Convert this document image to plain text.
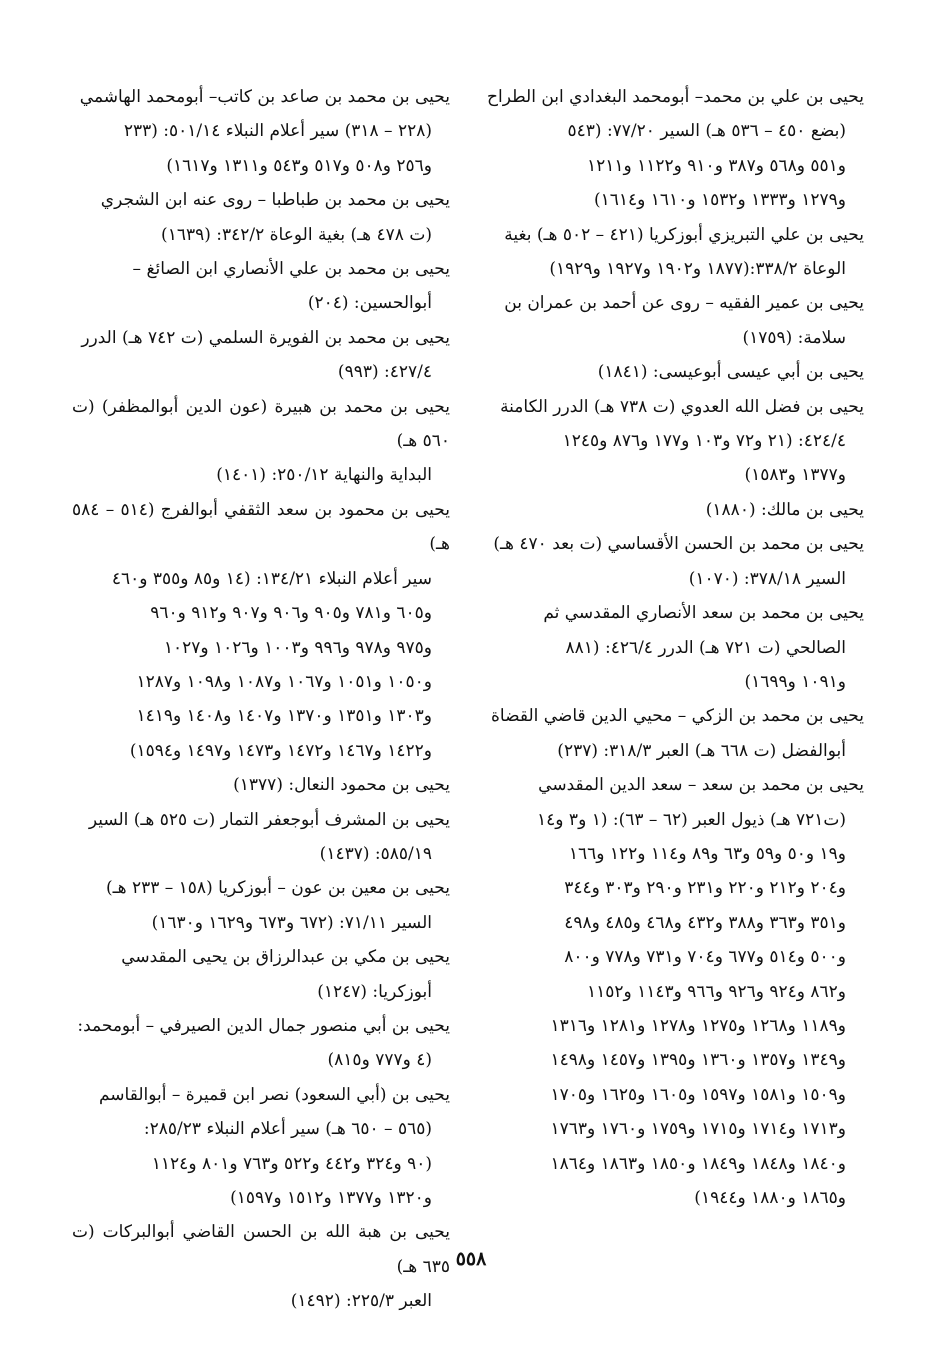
يحيى بن علي بن محمد– أبومحمد البغدادي ابن الطراح
(بضع ٤٥٠ – ٥٣٦ هـ) السير ٧٧/٢٠: (٥٤٣
و٥٥١ و٥٦٨ و٣٨٧ و٩١٠ و١١٢٢ و١٢١١
و١٢٧٩ و١٣٣٣ و١٥٣٢ و١٦١٠ و١٦١٤)
يحيى بن علي التبريزي أبوزكريا (٤٢١ – ٥٠٢ هـ) بغية
الوعاة ٣٣٨/٢:(١٨٧٧ و١٩٠٢ و١٩٢٧ و١٩٢٩)
يحيى بن عمير الفقيه – روى عن أحمد بن عمران بن
سلامة: (١٧٥٩)
يحيى بن أبي عيسى أبوعيسى: (١٨٤١)
يحيى بن فضل الله العدوي (ت ٧٣٨ هـ) الدرر الكامنة
٤٢٤/٤: (٢١ و٧٢ و١٠٣ و١٧٧ و٨٧٦ و١٢٤٥
و١٣٧٧ و١٥٨٣)
يحيى بن مالك: (١٨٨٠)
يحيى بن محمد بن الحسن الأقساسي (ت بعد ٤٧٠ هـ)
السير ٣٧٨/١٨: (١٠٧٠)
يحيى بن محمد بن سعد الأنصاري المقدسي ثم
الصالحي (ت ٧٢١ هـ) الدرر ٤٢٦/٤: (٨٨١
و١٠٩١ و١٦٩٩)
يحيى بن محمد بن الزكي – محيي الدين قاضي القضاة
أبوالفضل (ت ٦٦٨ هـ) العبر ٣١٨/٣: (٢٣٧)
يحيى بن محمد بن سعد – سعد الدين المقدسي
(ت٧٢١ هـ) ذيول العبر (٦٢ – ٦٣): (١ و٣ و١٤
و١٩ و٥٠ و٥٩ و٦٣ و٨٩ و١١٤ و١٢٢ و١٦٦
و٢٠٤ و٢١٢ و٢٢٠ و٢٣١ و٢٩٠ و٣٠٣ و٣٤٤
و٣٥١ و٣٦٣ و٣٨٨ و٤٣٢ و٤٦٨ و٤٨٥ و٤٩٨
و٥٠٠ و٥١٤ و٦٧٧ و٧٠٤ و٧٣١ و٧٧٨ و٨٠٠
و٨٦٢ و٩٢٤ و٩٢٦ و٩٦٦ و١١٤٣ و١١٥٢
و١١٨٩ و١٢٦٨ و١٢٧٥ و١٢٧٨ و١٢٨١ و١٣١٦
و١٣٤٩ و١٣٥٧ و١٣٦٠ و١٣٩٥ و١٤٥٧ و١٤٩٨
و١٥٠٩ و١٥٨١ و١٥٩٧ و١٦٠٥ و١٦٢٥ و١٧٠٥
و١٧١٣ و١٧١٤ و١٧١٥ و١٧٥٩ و١٧٦٠ و١٧٦٣
و١٨٤٠ و١٨٤٨ و١٨٤٩ و١٨٥٠ و١٨٦٣ و١٨٦٤
و١٨٦٥ و١٨٨٠ و١٩٤٤)
يحيى بن محمد بن صاعد بن كاتب– أبومحمد الهاشمي
(٢٢٨ – ٣١٨) سير أعلام النبلاء ٥٠١/١٤: (٢٣٣
و٢٥٦ و٥٠٨ و٥١٧ و٥٤٣ و١٣١١ و١٦١٧)
يحيى بن محمد بن طباطبا – روى عنه ابن الشجري
(ت ٤٧٨ هـ) بغية الوعاة ٣٤٢/٢: (١٦٣٩)
يحيى بن محمد بن علي الأنصاري ابن الصائغ –
أبوالحسين: (٢٠٤)
يحيى بن محمد بن الفويرة السلمي (ت ٧٤٢ هـ) الدرر
٤٢٧/٤: (٩٩٣)
يحيى بن محمد بن هبيرة (عون الدين أبوالمظفر) (ت ٥٦٠ هـ)
البداية والنهاية ٢٥٠/١٢: (١٤٠١)
يحيى بن محمود بن سعد الثقفي أبوالفرج (٥١٤ – ٥٨٤ هـ)
سير أعلام النبلاء ١٣٤/٢١: (١٤ و٨٥ و٣٥٥ و٤٦٠
و٦٠٥ و٧٨١ و٩٠٥ و٩٠٦ و٩٠٧ و٩١٢ و٩٦٠
و٩٧٥ و٩٧٨ و٩٩٦ و١٠٠٣ و١٠٢٦ و١٠٢٧
و١٠٥٠ و١٠٥١ و١٠٦٧ و١٠٨٧ و١٠٩٨ و١٢٨٧
و١٣٠٣ و١٣٥١ و١٣٧٠ و١٤٠٧ و١٤٠٨ و١٤١٩
و١٤٢٢ و١٤٦٧ و١٤٧٢ و١٤٧٣ و١٤٩٧ و١٥٩٤)
يحيى بن محمود النعال: (١٣٧٧)
يحيى بن المشرف أبوجعفر التمار (ت ٥٢٥ هـ) السير
٥٨٥/١٩: (١٤٣٧)
يحيى بن معين بن عون – أبوزكريا (١٥٨ – ٢٣٣ هـ)
السير ٧١/١١: (٦٧٢ و٦٧٣ و١٦٢٩ و١٦٣٠)
يحيى بن مكي بن عبدالرزاق بن يحيى المقدسي
أبوزكريا: (١٢٤٧)
يحيى بن أبي منصور جمال الدين الصيرفي – أبومحمد:
(٤ و٧٧٧ و٨١٥)
يحيى بن (أبي السعود) نصر ابن قميرة – أبوالقاسم
(٥٦٥ – ٦٥٠ هـ) سير أعلام النبلاء ٢٨٥/٢٣:
(٩٠ و٣٢٤ و٤٤٢ و٥٢٢ و٧٦٣ و٨٠١ و١١٢٤
و١٣٢٠ و١٣٧٧ و١٥١٢ و١٥٩٧)
يحيى بن هبة الله بن الحسن القاضي أبوالبركات (ت ٦٣٥ هـ)
العبر ٢٢٥/٣: (١٤٩٢)
٥٥٨
